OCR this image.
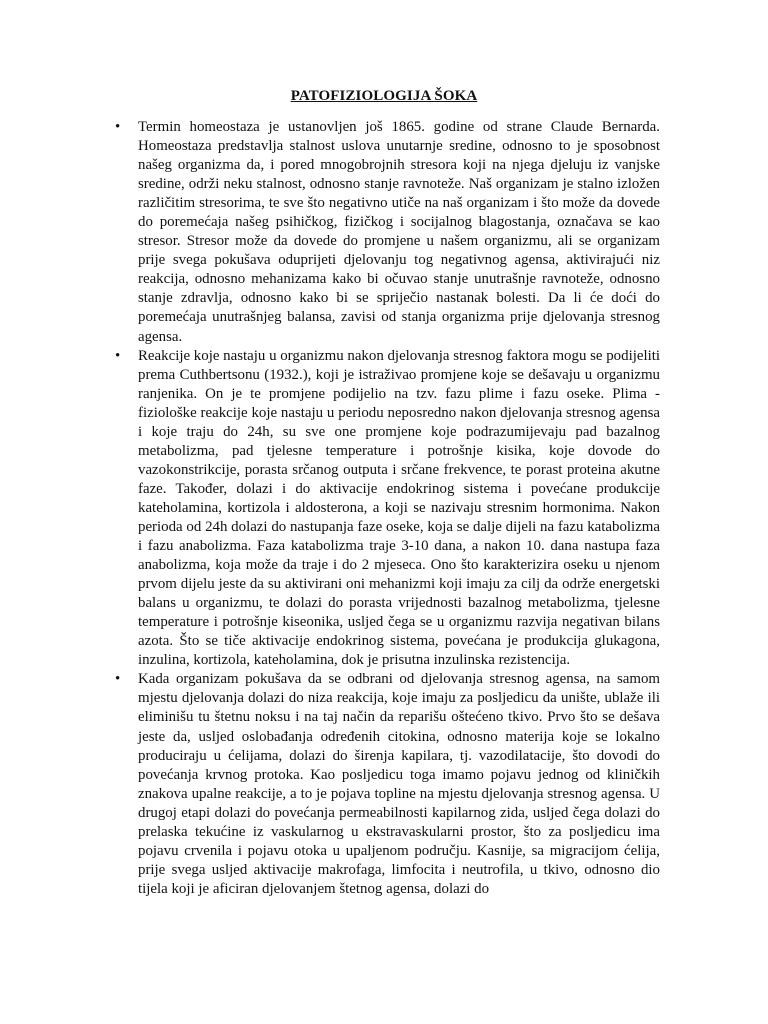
PATOFIZIOLOGIJA ŠOKA
•	Termin homeostaza je ustanovljen još 1865. godine od strane Claude Bernarda. Homeostaza predstavlja stalnost uslova unutarnje sredine, odnosno to je sposobnost našeg organizma da, i pored mnogobrojnih stresora koji na njega djeluju iz vanjske sredine, održi neku stalnost, odnosno stanje ravnoteže. Naš organizam je stalno izložen različitim stresorima, te sve što negativno utiče na naš organizam i što može da dovede do poremećaja našeg psihičkog, fizičkog i socijalnog blagostanja, označava se kao stresor. Stresor može da dovede do promjene u našem organizmu, ali se organizam prije svega pokušava oduprijeti djelovanju tog negativnog agensa, aktivirajući niz reakcija, odnosno mehanizama kako bi očuvao stanje unutrašnje ravnoteže, odnosno stanje zdravlja, odnosno kako bi se spriječio nastanak bolesti. Da li će doći do poremećaja unutrašnjeg balansa, zavisi od stanja organizma prije djelovanja stresnog agensa.
•	Reakcije koje nastaju u organizmu nakon djelovanja stresnog faktora mogu se podijeliti prema Cuthbertsonu (1932.), koji je istraživao promjene koje se dešavaju u organizmu ranjenika. On je te promjene podijelio na tzv. fazu plime i fazu oseke. Plima - fiziološke reakcije koje nastaju u periodu neposredno nakon djelovanja stresnog agensa i koje traju do 24h, su sve one promjene koje podrazumijevaju pad bazalnog metabolizma, pad tjelesne temperature i potrošnje kisika, koje dovode do vazokonstrikcije, porasta srčanog outputa i srčane frekvence, te porast proteina akutne faze. Također, dolazi i do aktivacije endokrinog sistema i povećane produkcije kateholamina, kortizola i aldosterona, a koji se nazivaju stresnim hormonima. Nakon perioda od 24h dolazi do nastupanja faze oseke, koja se dalje dijeli na fazu katabolizma i fazu anabolizma. Faza katabolizma traje 3-10 dana, a nakon 10. dana nastupa faza anabolizma, koja može da traje i do 2 mjeseca. Ono što karakterizira oseku u njenom prvom dijelu jeste da su aktivirani oni mehanizmi koji imaju za cilj da održe energetski balans u organizmu, te dolazi do porasta vrijednosti bazalnog metabolizma, tjelesne temperature i potrošnje kiseonika, usljed čega se u organizmu razvija negativan bilans azota. Što se tiče aktivacije endokrinog sistema, povećana je produkcija glukagona, inzulina, kortizola, kateholamina, dok je prisutna inzulinska rezistencija.
•	Kada organizam pokušava da se odbrani od djelovanja stresnog agensa, na samom mjestu djelovanja dolazi do niza reakcija, koje imaju za posljedicu da unište, ublaže ili eliminišu tu štetnu noksu i na taj način da reparišu oštećeno tkivo. Prvo što se dešava jeste da, usljed oslobađanja određenih citokina, odnosno materija koje se lokalno produciraju u ćelijama, dolazi do širenja kapilara, tj. vazodilatacije, što dovodi do povećanja krvnog protoka. Kao posljedicu toga imamo pojavu jednog od kliničkih znakova upalne reakcije, a to je pojava topline na mjestu djelovanja stresnog agensa. U drugoj etapi dolazi do povećanja permeabilnosti kapilarnog zida, usljed čega dolazi do prelaska tekućine iz vaskularnog u ekstravaskularni prostor, što za posljedicu ima pojavu crvenila i pojavu otoka u upaljenom području. Kasnije, sa migracijom ćelija, prije svega usljed aktivacije makrofaga, limfocita i neutrofila, u tkivo, odnosno dio tijela koji je aficiran djelovanjem štetnog agensa, dolazi do
